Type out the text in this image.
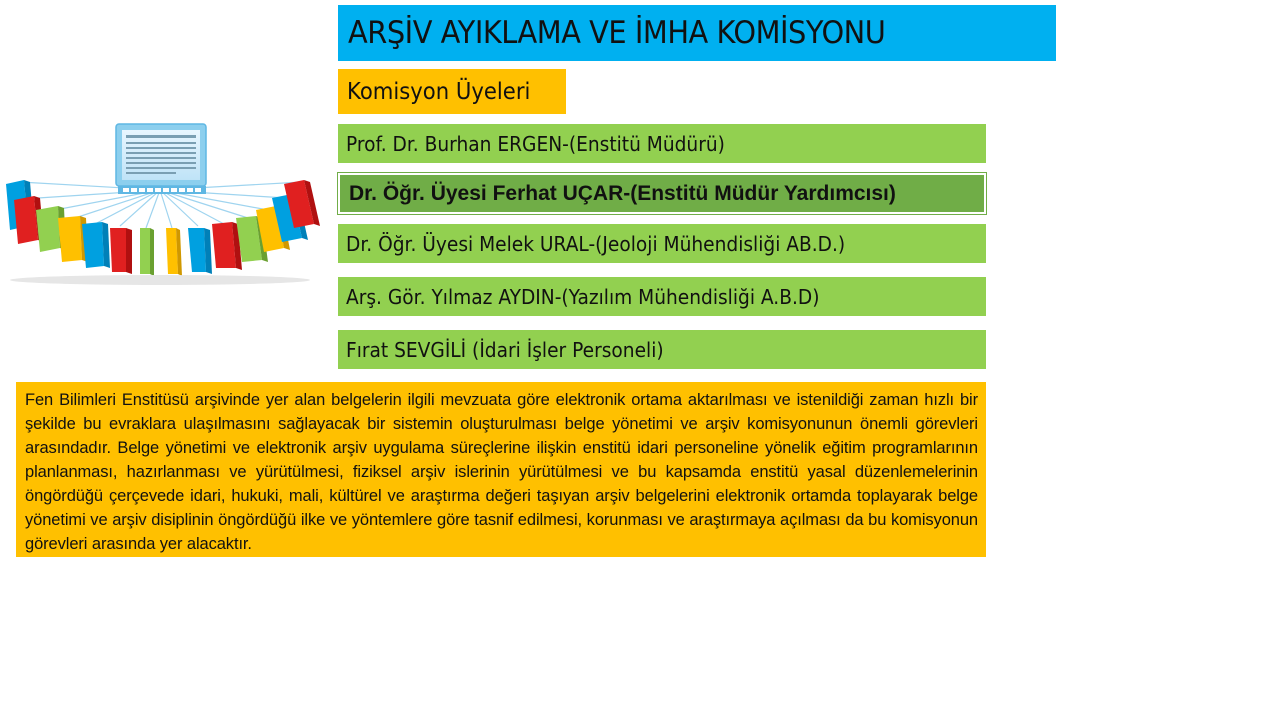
ARŞİV AYIKLAMA VE İMHA KOMİSYONU
Komisyon Üyeleri
Prof. Dr. Burhan ERGEN-(Enstitü Müdürü)
Dr. Öğr. Üyesi Ferhat UÇAR-(Enstitü Müdür Yardımcısı)
Dr. Öğr. Üyesi Melek URAL-(Jeoloji Mühendisliği AB.D.)
Arş. Gör. Yılmaz AYDIN-(Yazılım Mühendisliği A.B.D)
Fırat SEVGİLİ (İdari İşler Personeli)

Fen Bilimleri Enstitüsü arşivinde yer alan belgelerin ilgili mevzuata göre elektronik ortama aktarılması ve istenildiği zaman hızlı bir şekilde bu evraklara ulaşılmasını sağlayacak bir sistemin oluşturulması belge yönetimi ve arşiv komisyonunun önemli görevleri arasındadır. Belge yönetimi ve elektronik arşiv uygulama süreçlerine ilişkin enstitü idari personeline yönelik eğitim programlarının planlanması, hazırlanması ve yürütülmesi, fiziksel arşiv islerinin yürütülmesi ve bu kapsamda enstitü yasal düzenlemelerinin öngördüğü çerçevede idari, hukuki, mali, kültürel ve araştırma değeri taşıyan arşiv belgelerini elektronik ortamda toplayarak belge yönetimi ve arşiv disiplinin öngördüğü ilke ve yöntemlere göre tasnif edilmesi, korunması ve araştırmaya açılması da bu komisyonun görevleri arasında yer alacaktır.
